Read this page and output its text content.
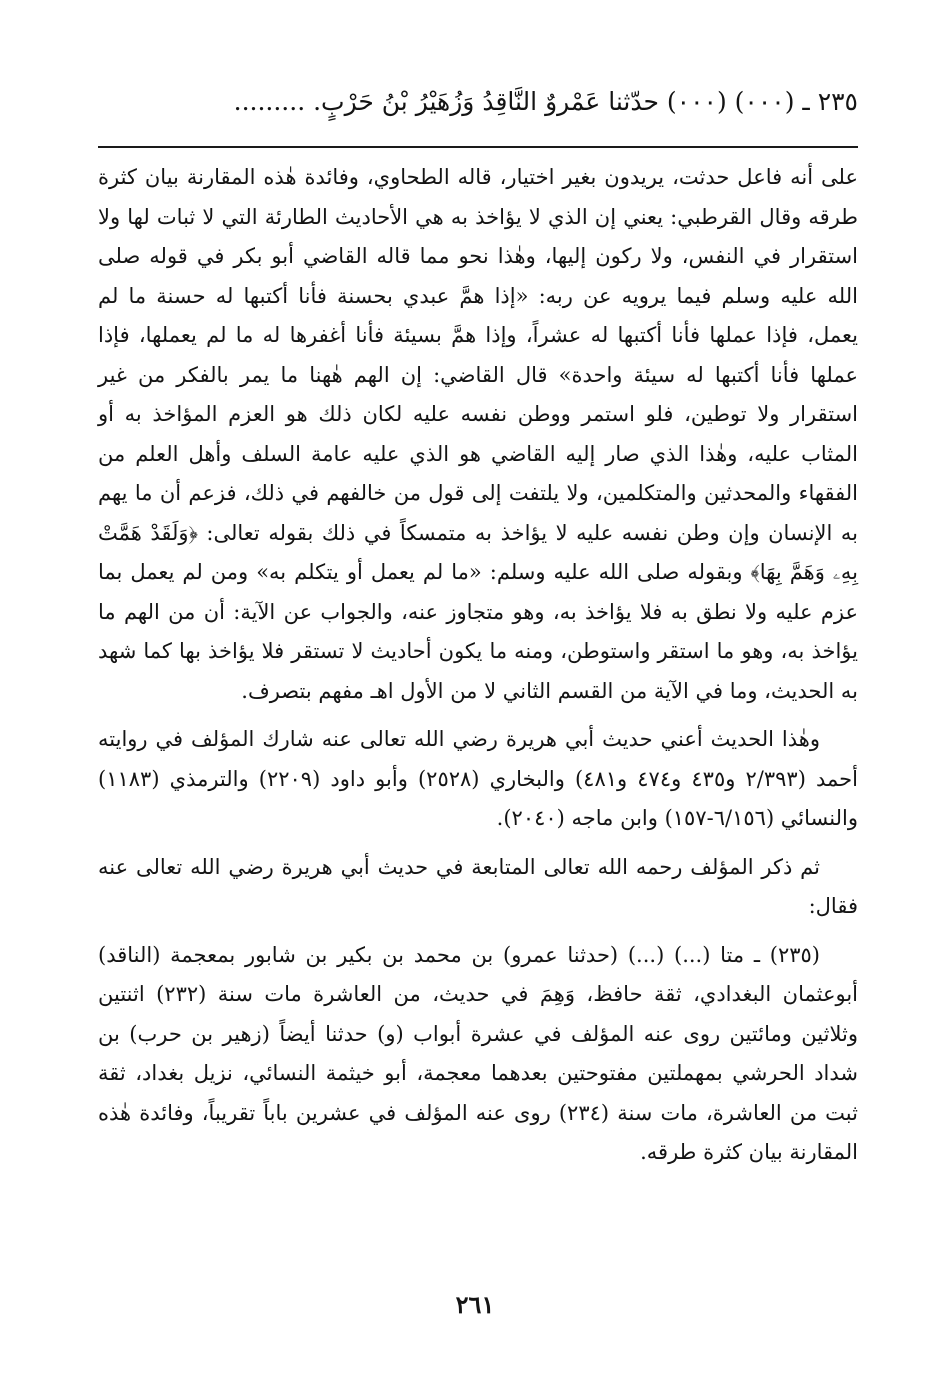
٢٣٥ ـ (٠٠٠) (٠٠٠) حدّثنا عَمْروٌ النَّاقِدُ وَزُهَيْرُ بْنُ حَرْبٍ. .........

على أنه فاعل حدثت، يريدون بغير اختيار، قاله الطحاوي، وفائدة هٰذه المقارنة بيان كثرة طرقه وقال القرطبي: يعني إن الذي لا يؤاخذ به هي الأحاديث الطارئة التي لا ثبات لها ولا استقرار في النفس، ولا ركون إليها، وهٰذا نحو مما قاله القاضي أبو بكر في قوله صلى الله عليه وسلم فيما يرويه عن ربه: «إذا همَّ عبدي بحسنة فأنا أكتبها له حسنة ما لم يعمل، فإذا عملها فأنا أكتبها له عشراً، وإذا همَّ بسيئة فأنا أغفرها له ما لم يعملها، فإذا عملها فأنا أكتبها له سيئة واحدة» قال القاضي: إن الهم هٰهنا ما يمر بالفكر من غير استقرار ولا توطين، فلو استمر ووطن نفسه عليه لكان ذلك هو العزم المؤاخذ به أو المثاب عليه، وهٰذا الذي صار إليه القاضي هو الذي عليه عامة السلف وأهل العلم من الفقهاء والمحدثين والمتكلمين، ولا يلتفت إلى قول من خالفهم في ذلك، فزعم أن ما يهم به الإنسان وإن وطن نفسه عليه لا يؤاخذ به متمسكاً في ذلك بقوله تعالى: ﴿وَلَقَدْ هَمَّتْ بِهِۦ وَهَمَّ بِهَا﴾ وبقوله صلى الله عليه وسلم: «ما لم يعمل أو يتكلم به» ومن لم يعمل بما عزم عليه ولا نطق به فلا يؤاخذ به، وهو متجاوز عنه، والجواب عن الآية: أن من الهم ما يؤاخذ به، وهو ما استقر واستوطن، ومنه ما يكون أحاديث لا تستقر فلا يؤاخذ بها كما شهد به الحديث، وما في الآية من القسم الثاني لا من الأول اهـ مفهم بتصرف.

وهٰذا الحديث أعني حديث أبي هريرة رضي الله تعالى عنه شارك المؤلف في روايته أحمد (٢/٣٩٣ و٤٣٥ و٤٧٤ و٤٨١) والبخاري (٢٥٢٨) وأبو داود (٢٢٠٩) والترمذي (١١٨٣) والنسائي (٦/١٥٦-١٥٧) وابن ماجه (٢٠٤٠).

ثم ذكر المؤلف رحمه الله تعالى المتابعة في حديث أبي هريرة رضي الله تعالى عنه فقال:

(٢٣٥) ـ متا (...) (...) (حدثنا عمرو) بن محمد بن بكير بن شابور بمعجمة (الناقد) أبوعثمان البغدادي، ثقة حافظ، وَهِمَ في حديث، من العاشرة مات سنة (٢٣٢) اثنتين وثلاثين ومائتين روى عنه المؤلف في عشرة أبواب (و) حدثنا أيضاً (زهير بن حرب) بن شداد الحرشي بمهملتين مفتوحتين بعدهما معجمة، أبو خيثمة النسائي، نزيل بغداد، ثقة ثبت من العاشرة، مات سنة (٢٣٤) روى عنه المؤلف في عشرين باباً تقريباً، وفائدة هٰذه المقارنة بيان كثرة طرقه.

٢٦١
